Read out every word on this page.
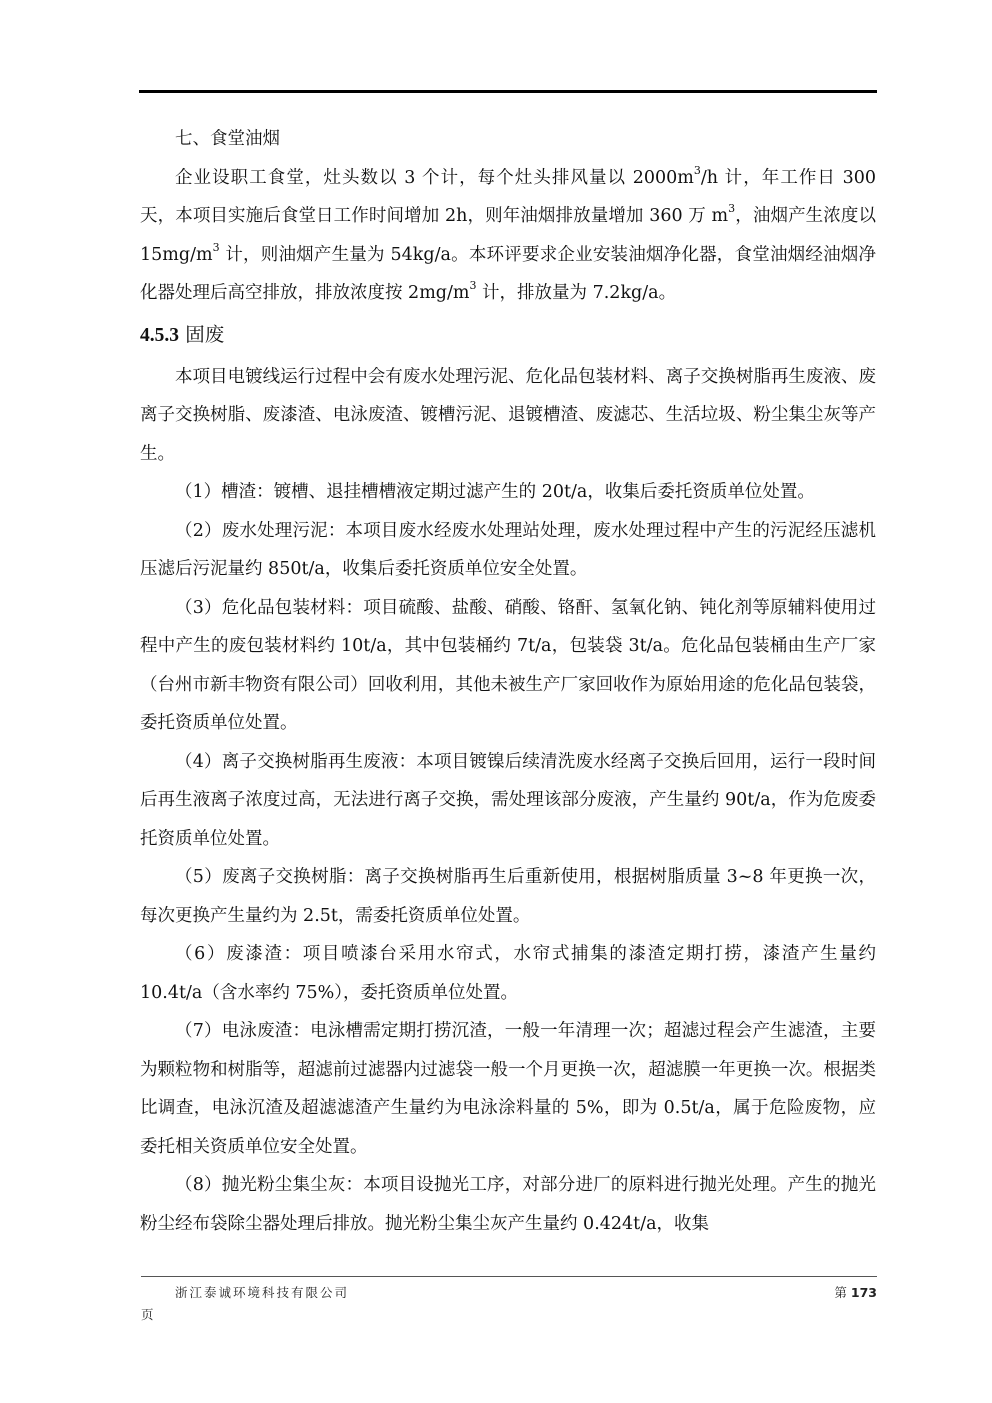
七、食堂油烟

企业设职工食堂，灶头数以 3 个计，每个灶头排风量以 $2000m^3/h$ 计，年工作日 300 天，本项目实施后食堂日工作时间增加 2h，则年油烟排放量增加 360 万 $m^3$，油烟产生浓度以 $15mg/m^3$ 计，则油烟产生量为 54kg/a。本环评要求企业安装油烟净化器，食堂油烟经油烟净化器处理后高空排放，排放浓度按 $2mg/m^3$ 计，排放量为 7.2kg/a。

4.5.3 固废

本项目电镀线运行过程中会有废水处理污泥、危化品包装材料、离子交换树脂再生废液、废离子交换树脂、废漆渣、电泳废渣、镀槽污泥、退镀槽渣、废滤芯、生活垃圾、粉尘集尘灰等产生。

（1）槽渣：镀槽、退挂槽槽液定期过滤产生的 20t/a，收集后委托资质单位处置。

（2）废水处理污泥：本项目废水经废水处理站处理，废水处理过程中产生的污泥经压滤机压滤后污泥量约 850t/a，收集后委托资质单位安全处置。

（3）危化品包装材料：项目硫酸、盐酸、硝酸、铬酐、氢氧化钠、钝化剂等原辅料使用过程中产生的废包装材料约 10t/a，其中包装桶约 7t/a，包装袋 3t/a。危化品包装桶由生产厂家（台州市新丰物资有限公司）回收利用，其他未被生产厂家回收作为原始用途的危化品包装袋，委托资质单位处置。

（4）离子交换树脂再生废液：本项目镀镍后续清洗废水经离子交换后回用，运行一段时间后再生液离子浓度过高，无法进行离子交换，需处理该部分废液，产生量约 90t/a，作为危废委托资质单位处置。

（5）废离子交换树脂：离子交换树脂再生后重新使用，根据树脂质量 3~8 年更换一次，每次更换产生量约为 2.5t，需委托资质单位处置。

（6）废漆渣：项目喷漆台采用水帘式，水帘式捕集的漆渣定期打捞，漆渣产生量约 10.4t/a（含水率约 75%），委托资质单位处置。

（7）电泳废渣：电泳槽需定期打捞沉渣，一般一年清理一次；超滤过程会产生滤渣，主要为颗粒物和树脂等，超滤前过滤器内过滤袋一般一个月更换一次，超滤膜一年更换一次。根据类比调查，电泳沉渣及超滤滤渣产生量约为电泳涂料量的 5%，即为 0.5t/a，属于危险废物，应委托相关资质单位安全处置。

（8）抛光粉尘集尘灰：本项目设抛光工序，对部分进厂的原料进行抛光处理。产生的抛光粉尘经布袋除尘器处理后排放。抛光粉尘集尘灰产生量约 0.424t/a，收集

浙江泰诚环境科技有限公司	第 173
页
